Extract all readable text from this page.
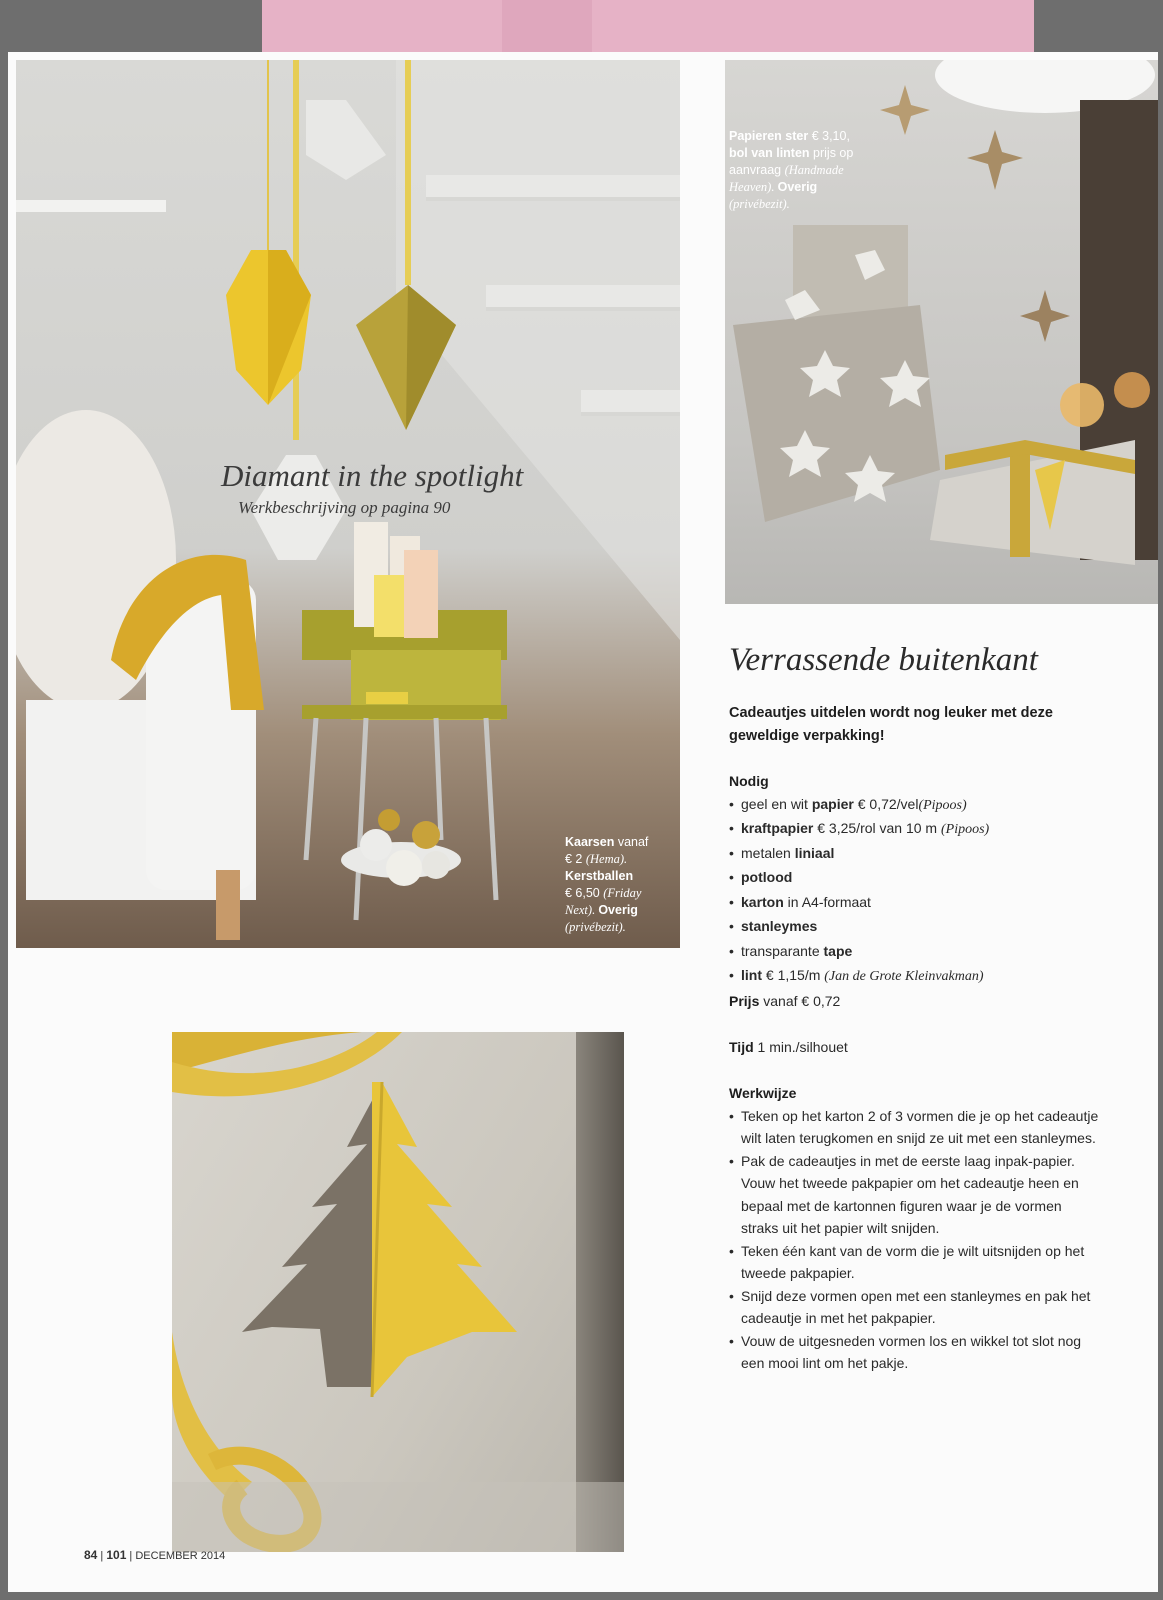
Diamant in the spotlight
Werkbeschrijving op pagina 90
Kaarsen vanaf
€ 2 (Hema).
Kerstballen
€ 6,50 (Friday
Next). Overig
(privébezit).
Papieren ster € 3,10,
bol van linten prijs op
aanvraag (Handmade
Heaven). Overig
(privébezit).
Verrassende buitenkant
Cadeautjes uitdelen wordt nog leuker met deze geweldige verpakking!
Nodig
• geel en wit papier € 0,72/vel(Pipoos)
• kraftpapier € 3,25/rol van 10 m (Pipoos)
• metalen liniaal
• potlood
• karton in A4-formaat
• stanleymes
• transparante tape
• lint € 1,15/m (Jan de Grote Kleinvakman)
Prijs vanaf € 0,72
Tijd 1 min./silhouet
Werkwijze
• Teken op het karton 2 of 3 vormen die je op het cadeautje wilt laten terugkomen en snijd ze uit met een stanleymes.
• Pak de cadeautjes in met de eerste laag inpak-papier. Vouw het tweede pakpapier om het cadeautje heen en bepaal met de kartonnen figuren waar je de vormen straks uit het papier wilt snijden.
• Teken één kant van de vorm die je wilt uitsnijden op het tweede pakpapier.
• Snijd deze vormen open met een stanleymes en pak het cadeautje in met het pakpapier.
• Vouw de uitgesneden vormen los en wikkel tot slot nog een mooi lint om het pakje.
84 | 101 | DECEMBER 2014
